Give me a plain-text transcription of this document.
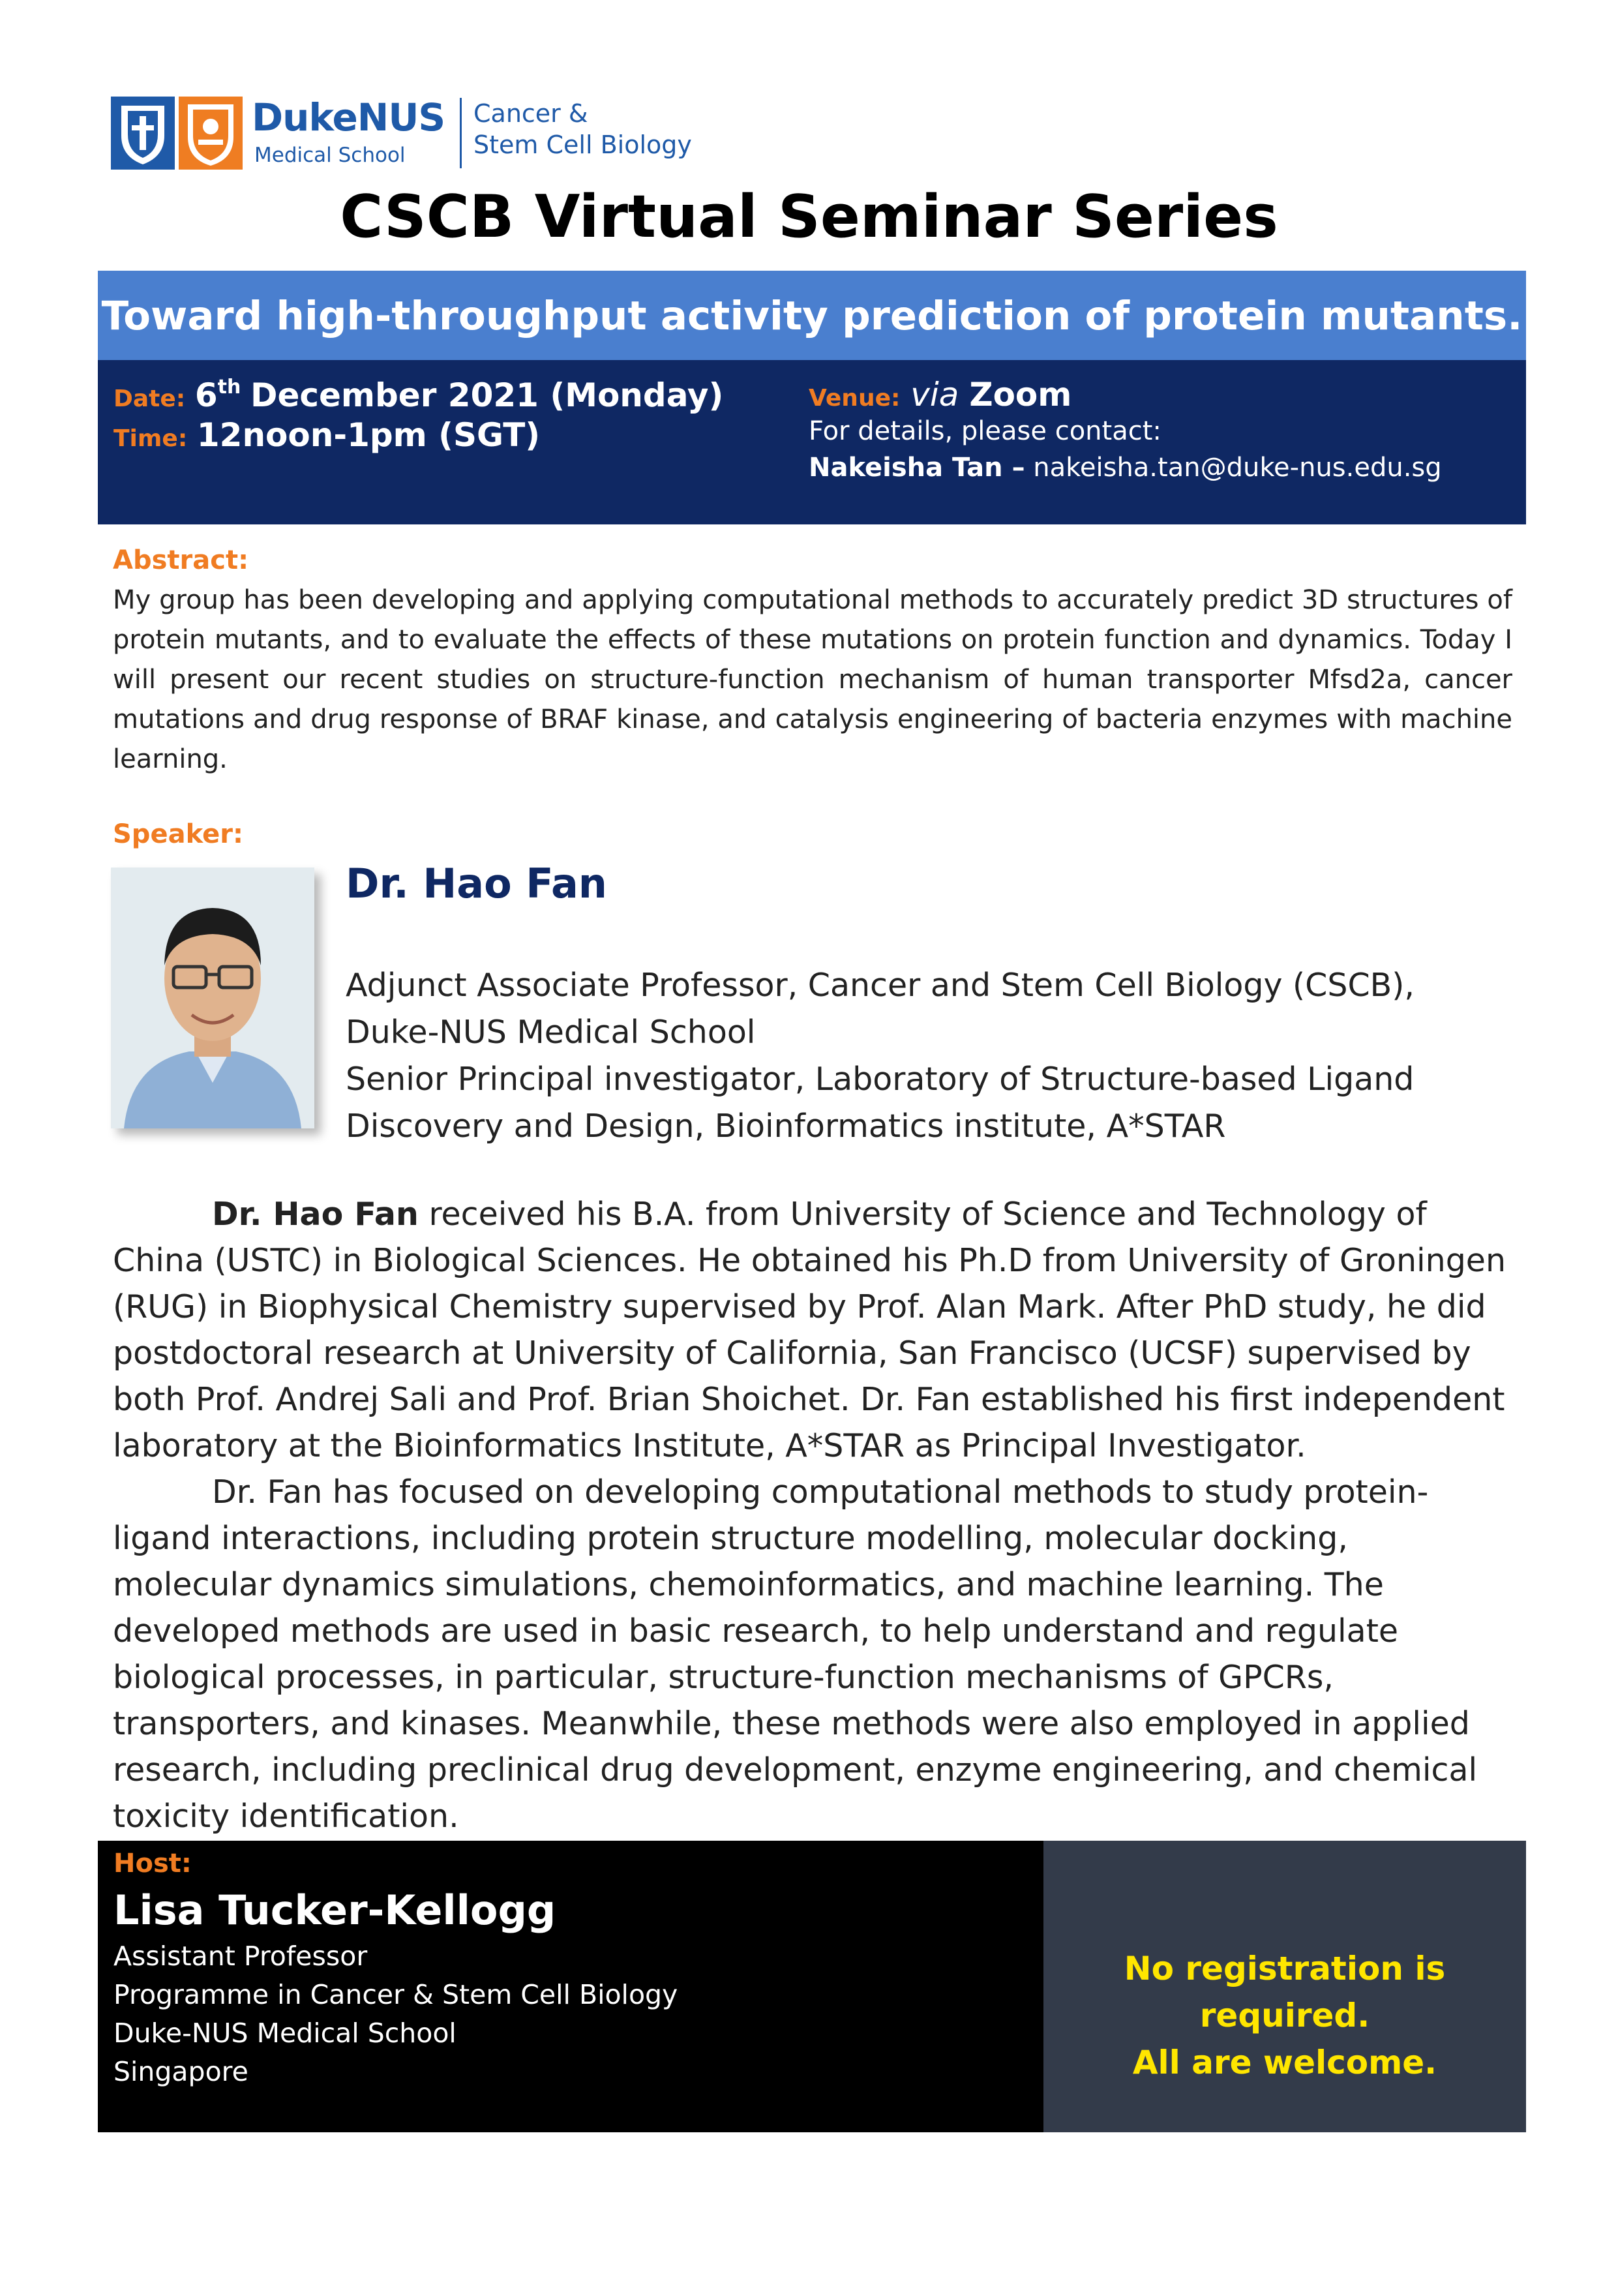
DukeNUS
Medical School
Cancer &
Stem Cell Biology
CSCB Virtual Seminar Series
Toward high-throughput activity prediction of protein mutants.
Date: 6th December 2021 (Monday)
Time: 12noon-1pm (SGT)
Venue: via Zoom
For details, please contact:
Nakeisha Tan – nakeisha.tan@duke-nus.edu.sg
Abstract:
My group has been developing and applying computational methods to accurately predict 3D structures of protein mutants, and to evaluate the effects of these mutations on protein function and dynamics. Today I will present our recent studies on structure-function mechanism of human transporter Mfsd2a, cancer mutations and drug response of BRAF kinase, and catalysis engineering of bacteria enzymes with machine learning.
Speaker:
Dr. Hao Fan
Adjunct Associate Professor, Cancer and Stem Cell Biology (CSCB), Duke-NUS Medical School
Senior Principal investigator, Laboratory of Structure-based Ligand Discovery and Design, Bioinformatics institute, A*STAR

Dr. Hao Fan received his B.A. from University of Science and Technology of China (USTC) in Biological Sciences. He obtained his Ph.D from University of Groningen (RUG) in Biophysical Chemistry supervised by Prof. Alan Mark. After PhD study, he did postdoctoral research at University of California, San Francisco (UCSF) supervised by both Prof. Andrej Sali and Prof. Brian Shoichet. Dr. Fan established his first independent laboratory at the Bioinformatics Institute, A*STAR as Principal Investigator.

Dr. Fan has focused on developing computational methods to study protein-ligand interactions, including protein structure modelling, molecular docking, molecular dynamics simulations, chemoinformatics, and machine learning. The developed methods are used in basic research, to help understand and regulate biological processes, in particular, structure-function mechanisms of GPCRs, transporters, and kinases. Meanwhile, these methods were also employed in applied research, including preclinical drug development, enzyme engineering, and chemical toxicity identification.

Host:
Lisa Tucker-Kellogg
Assistant Professor
Programme in Cancer & Stem Cell Biology
Duke-NUS Medical School
Singapore
No registration is required.
All are welcome.
